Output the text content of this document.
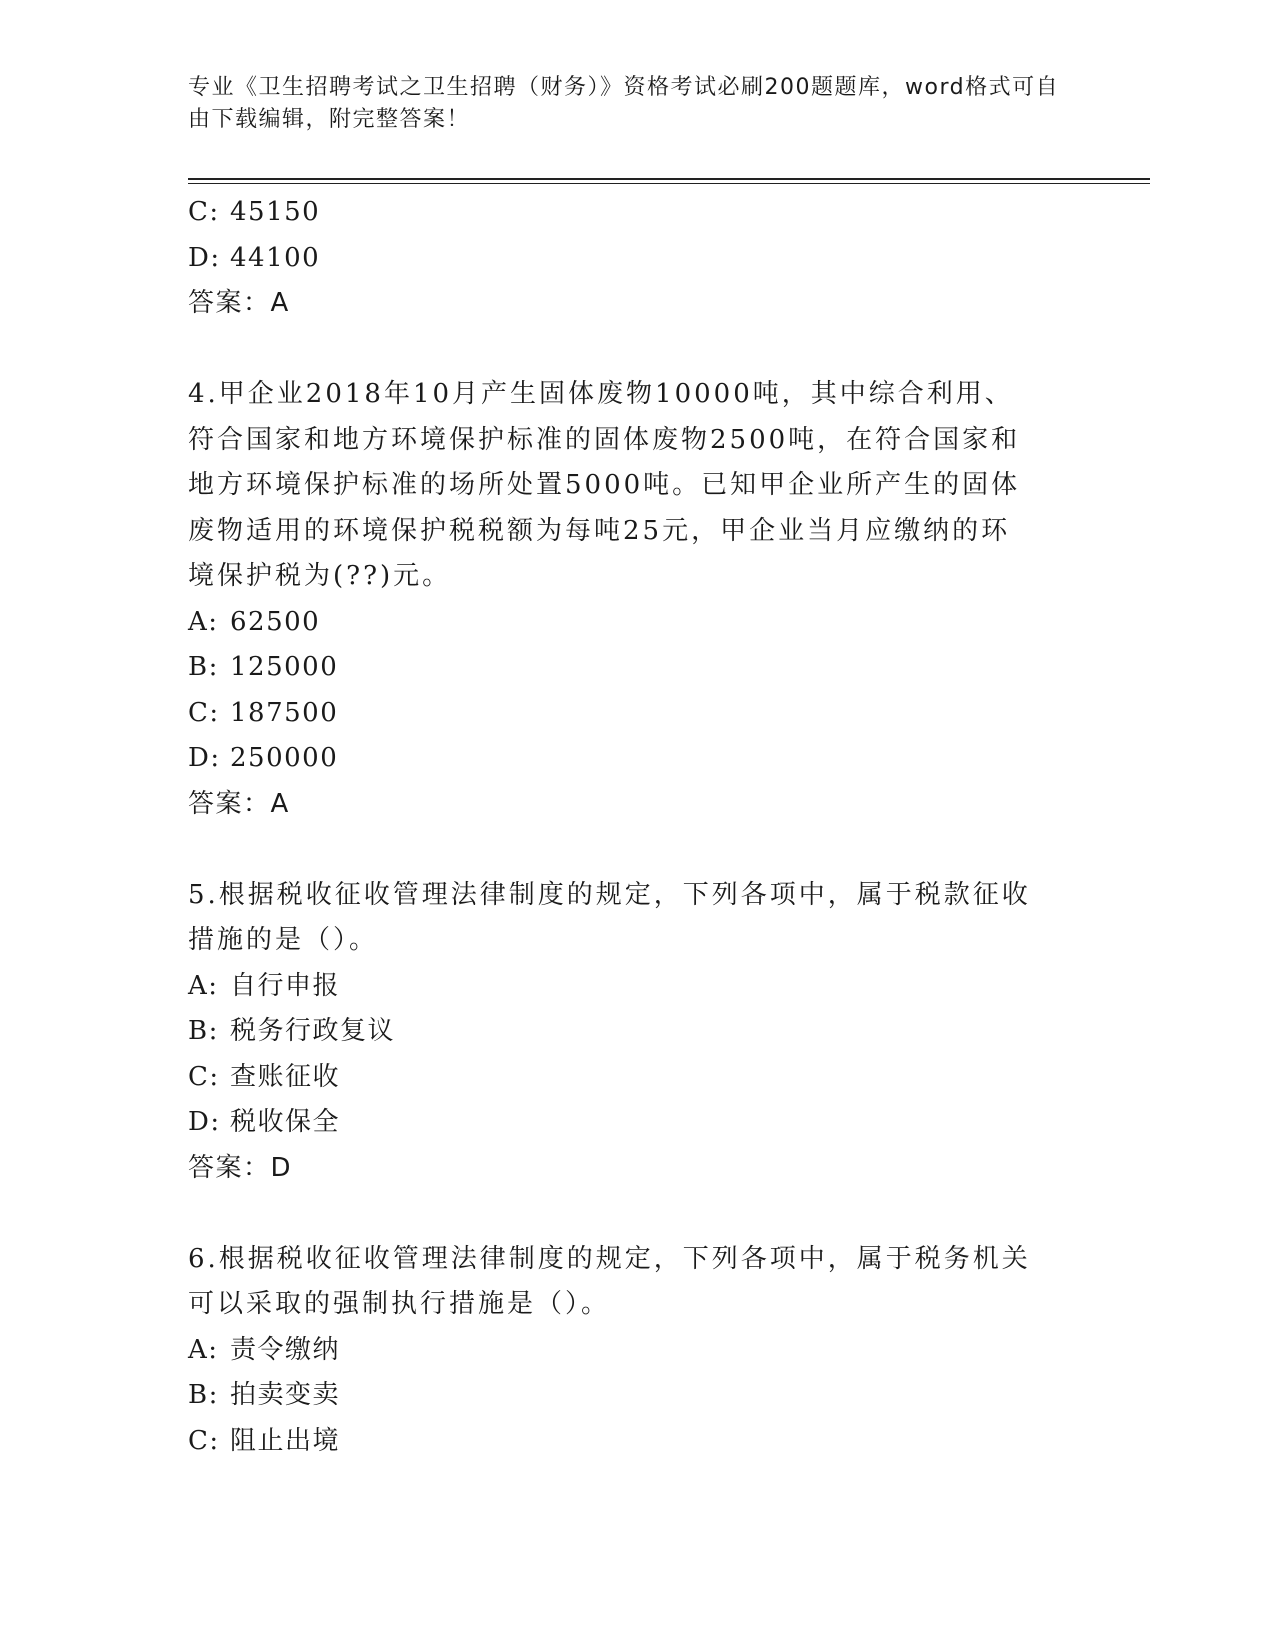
专业《卫生招聘考试之卫生招聘（财务）》资格考试必刷200题题库，word格式可自由下载编辑，附完整答案！
C: 45150
D: 44100
答案：A
4.甲企业2018年10月产生固体废物10000吨，其中综合利用、符合国家和地方环境保护标准的固体废物2500吨，在符合国家和地方环境保护标准的场所处置5000吨。已知甲企业所产生的固体废物适用的环境保护税税额为每吨25元，甲企业当月应缴纳的环境保护税为(??)元。
A: 62500
B: 125000
C: 187500
D: 250000
答案：A
5.根据税收征收管理法律制度的规定，下列各项中，属于税款征收措施的是（）。
A: 自行申报
B: 税务行政复议
C: 查账征收
D: 税收保全
答案：D
6.根据税收征收管理法律制度的规定，下列各项中，属于税务机关可以采取的强制执行措施是（）。
A: 责令缴纳
B: 拍卖变卖
C: 阻止出境
